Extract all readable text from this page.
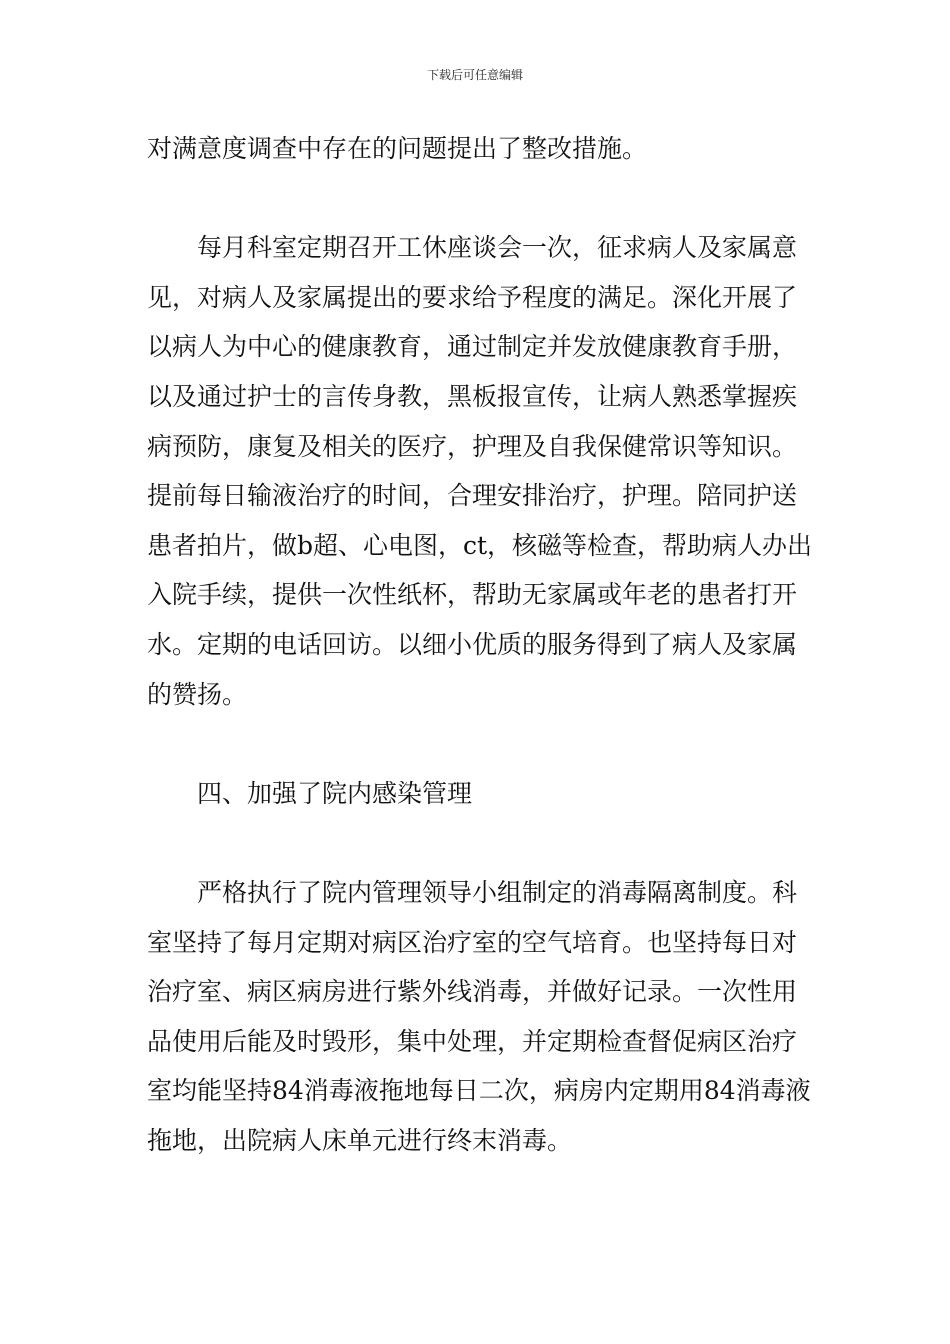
下载后可任意编辑

对满意度调查中存在的问题提出了整改措施。

每月科室定期召开工休座谈会一次，征求病人及家属意见，对病人及家属提出的要求给予程度的满足。深化开展了以病人为中心的健康教育，通过制定并发放健康教育手册，以及通过护士的言传身教，黑板报宣传，让病人熟悉掌握疾病预防，康复及相关的医疗，护理及自我保健常识等知识。提前每日输液治疗的时间，合理安排治疗，护理。陪同护送患者拍片，做b超、心电图，ct，核磁等检查，帮助病人办出入院手续，提供一次性纸杯，帮助无家属或年老的患者打开水。定期的电话回访。以细小优质的服务得到了病人及家属的赞扬。

四、加强了院内感染管理

严格执行了院内管理领导小组制定的消毒隔离制度。科室坚持了每月定期对病区治疗室的空气培育。也坚持每日对治疗室、病区病房进行紫外线消毒，并做好记录。一次性用品使用后能及时毁形，集中处理，并定期检查督促病区治疗室均能坚持84消毒液拖地每日二次，病房内定期用84消毒液拖地，出院病人床单元进行终末消毒。
